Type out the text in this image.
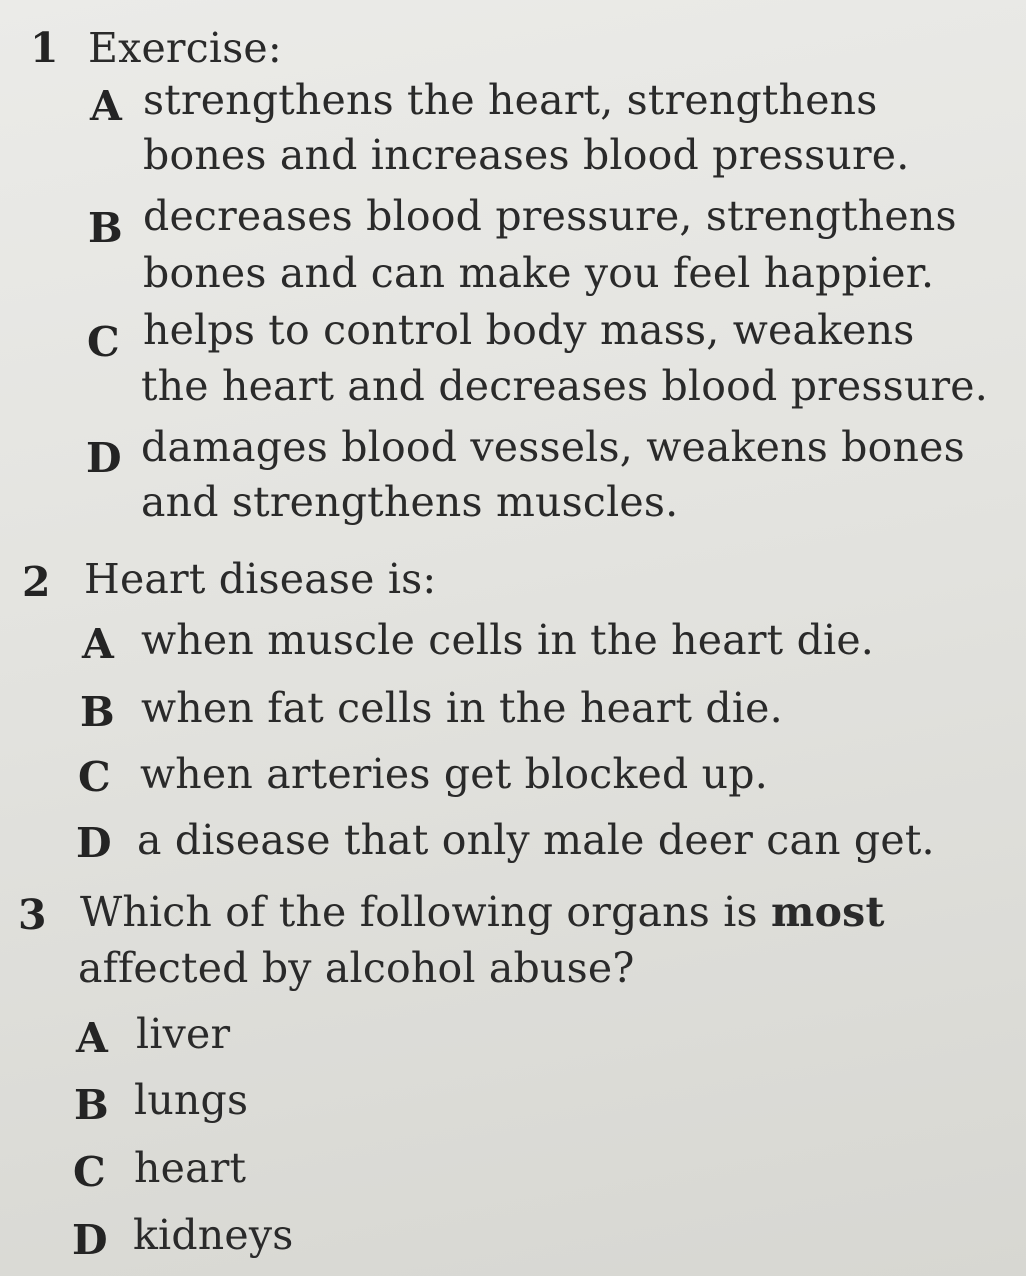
1 Exercise:
A strengthens the heart, strengthens
bones and increases blood pressure.
B decreases blood pressure, strengthens
bones and can make you feel happier.
C helps to control body mass, weakens
the heart and decreases blood pressure.
D damages blood vessels, weakens bones
and strengthens muscles.
2 Heart disease is:
A when muscle cells in the heart die.
B when fat cells in the heart die.
C when arteries get blocked up.
D a disease that only male deer can get.
3 Which of the following organs is most
affected by alcohol abuse?
A liver
B lungs
C heart
D kidneys
